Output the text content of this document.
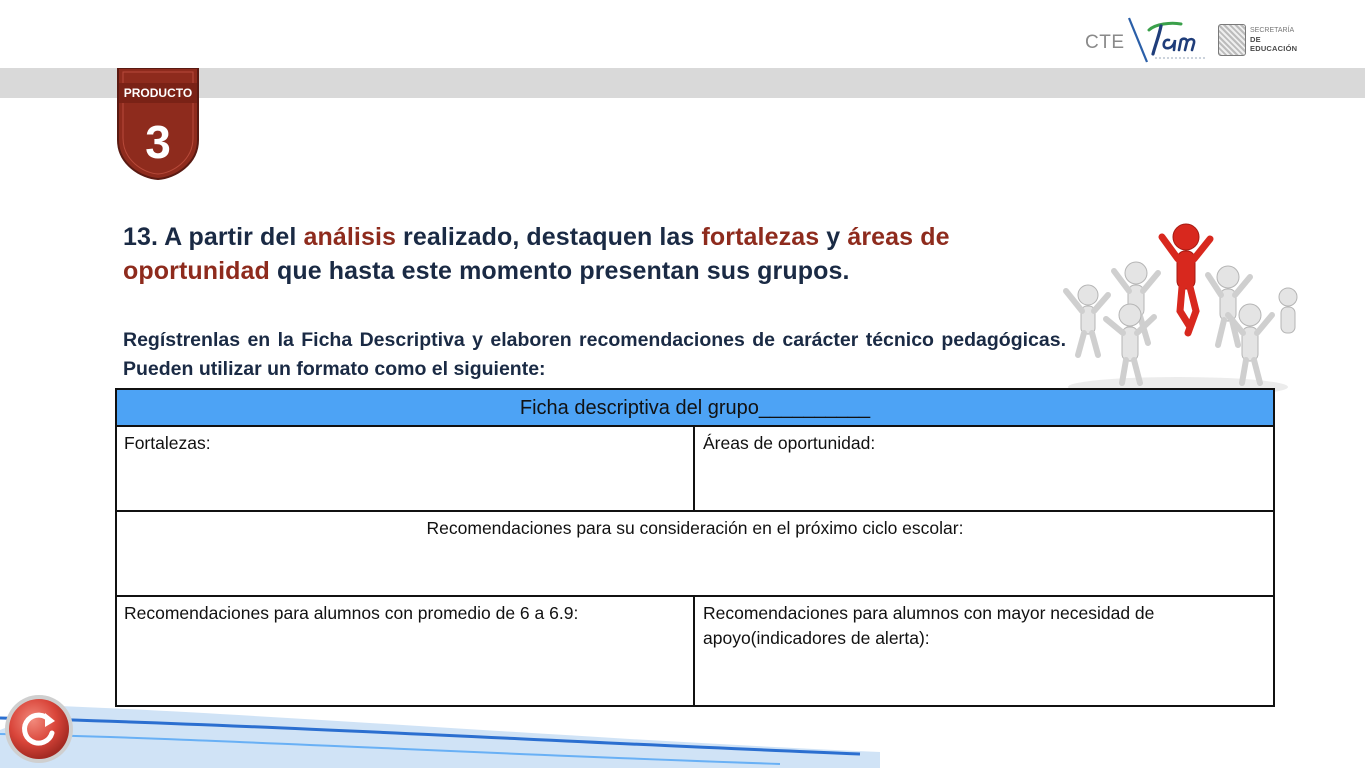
CTE
SECRETARÍA
DE EDUCACIÓN
PRODUCTO
3
13. A partir del análisis realizado, destaquen las fortalezas y áreas de oportunidad que hasta este momento presentan sus grupos.
Regístrenlas en la Ficha Descriptiva y elaboren recomendaciones de carácter técnico pedagógicas. Pueden utilizar un formato como el siguiente:
Ficha descriptiva del grupo__________
Fortalezas:	Áreas de oportunidad:
Recomendaciones para su consideración en el próximo ciclo escolar:
Recomendaciones para alumnos con promedio de 6 a 6.9:	Recomendaciones para alumnos con mayor necesidad de apoyo(indicadores de alerta):
